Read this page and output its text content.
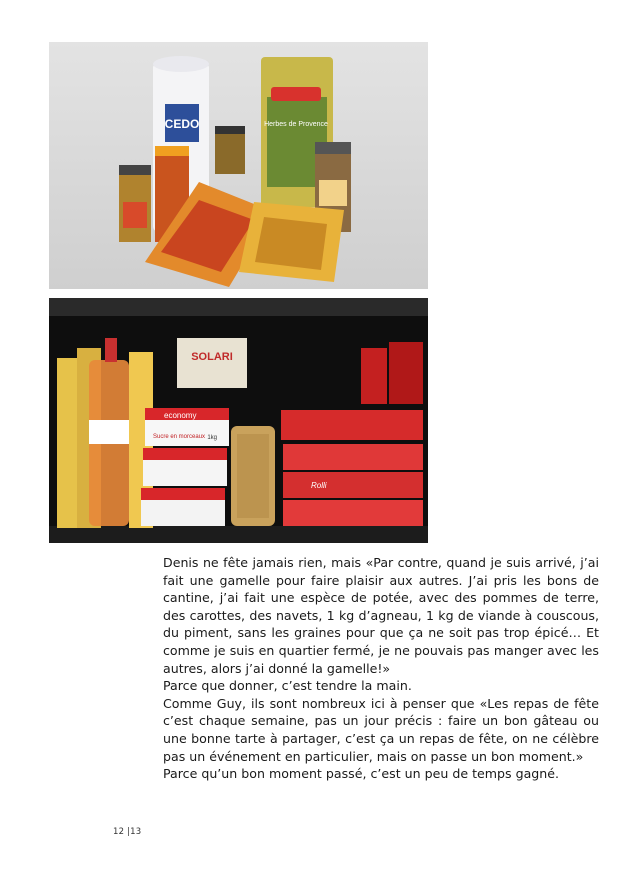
CEDO	Herbes de Provence
SOLARI
economy
Sucre en morceaux 1kg
Rolli

Denis ne fête jamais rien, mais «Par contre, quand je suis arrivé, j’ai fait une gamelle pour faire plaisir aux autres. J’ai pris les bons de cantine, j’ai fait une espèce de potée, avec des pommes de terre, des carottes, des navets, 1 kg d’agneau, 1 kg de viande à couscous, du piment, sans les graines pour que ça ne soit pas trop épicé… Et comme je suis en quartier fermé, je ne pouvais pas manger avec les autres, alors j’ai donné la gamelle!»

Parce que donner, c’est tendre la main.

Comme Guy, ils sont nombreux ici à penser que «Les repas de fête c’est chaque semaine, pas un jour précis : faire un bon gâteau ou une bonne tarte à partager, c’est ça un repas de fête, on ne célèbre pas un événement en particulier, mais on passe un bon moment.»

Parce qu’un bon moment passé, c’est un peu de temps gagné.

12 |13
